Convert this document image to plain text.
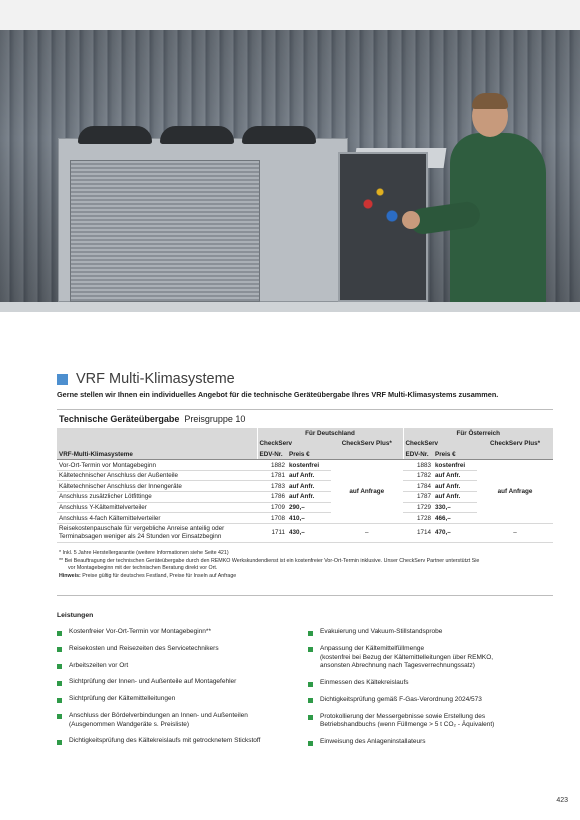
VRF Multi-Klimasysteme
Gerne stellen wir Ihnen ein individuelles Angebot für die technische Geräteübergabe Ihres VRF Multi-Klimasystems zusammen.
Technische Geräteübergabe Preisgruppe 10
	Für Deutschland			Für Österreich		
	CheckServ		CheckServ Plus*	CheckServ		CheckServ Plus*
VRF-Multi-Klimasysteme	EDV-Nr.	Preis €		EDV-Nr.	Preis €	
Vor-Ort-Termin vor Montagebeginn	1882	kostenfrei	auf Anfrage	1883	kostenfrei	auf Anfrage
Kältetechnischer Anschluss der Außenteile	1781	auf Anfr.		1782	auf Anfr.	
Kältetechnischer Anschluss der Innengeräte	1783	auf Anfr.		1784	auf Anfr.	
Anschluss zusätzlicher Lötfittinge	1786	auf Anfr.		1787	auf Anfr.	
Anschluss Y-Kältemittelverteiler	1709	290,–		1729	330,–	
Anschluss 4-fach Kältemittelverteiler	1708	410,–		1728	466,–	
Reisekostenpauschale für vergebliche Anreise anteilig oder Terminabsagen weniger als 24 Stunden vor Einsatzbeginn	1711	430,–	–	1714	470,–	–
* Inkl. 5 Jahre Herstellergarantie (weitere Informationen siehe Seite 421)
** Bei Beauftragung der technischen Geräteübergabe durch den REMKO Werkskundendienst ist ein kostenfreier Vor-Ort-Termin inklusive. Unser CheckServ Partner unterstützt Sie
vor Montagebeginn mit der technischen Beratung direkt vor Ort.
Hinweis: Preise gültig für deutsches Festland, Preise für Inseln auf Anfrage
Leistungen
Kostenfreier Vor-Ort-Termin vor Montagebeginn**
Reisekosten und Reisezeiten des Servicetechnikers
Arbeitszeiten vor Ort
Sichtprüfung der Innen- und Außenteile auf Montagefehler
Sichtprüfung der Kältemittelleitungen
Anschluss der Bördelverbindungen an Innen- und Außenteilen
(Ausgenommen Wandgeräte s. Preisliste)
Dichtigkeitsprüfung des Kältekreislaufs mit getrocknetem Stickstoff
Evakuierung und Vakuum-Stillstandsprobe
Anpassung der Kältemittelfüllmenge
(kostenfrei bei Bezug der Kältemittelleitungen über REMKO,
ansonsten Abrechnung nach Tagesverrechnungssatz)
Einmessen des Kältekreislaufs
Dichtigkeitsprüfung gemäß F-Gas-Verordnung 2024/573
Protokollierung der Messergebnisse sowie Erstellung des
Betriebshandbuchs (wenn Füllmenge > 5 t CO₂ - Äquivalent)
Einweisung des Anlageninstallateurs
423
